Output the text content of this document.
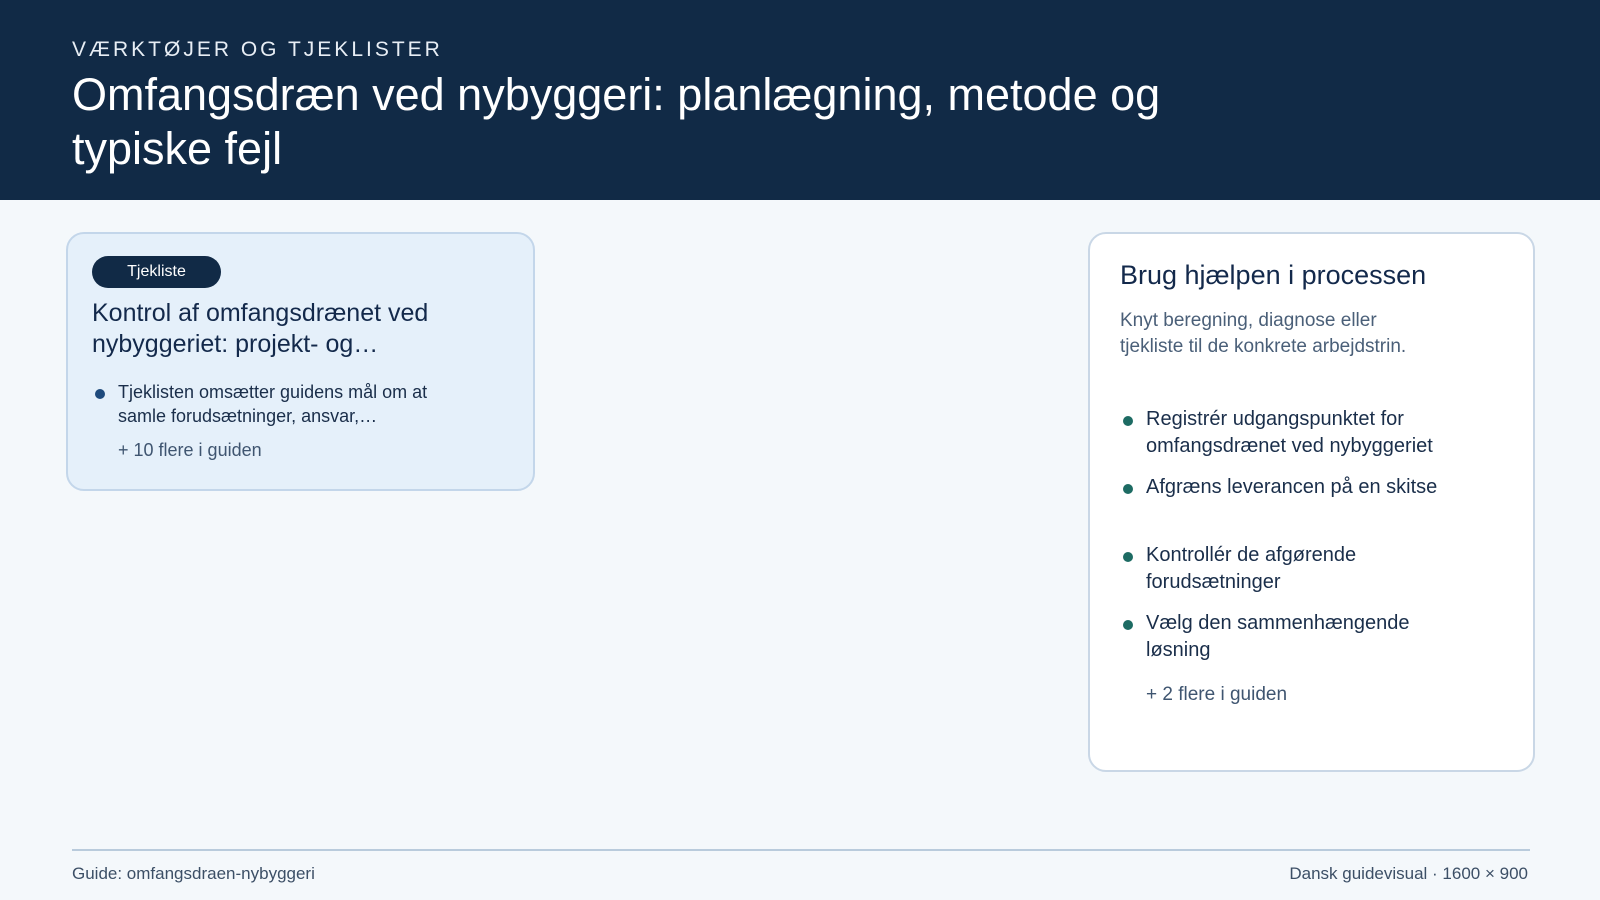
VÆRKTØJER OG TJEKLISTER
Omfangsdræn ved nybyggeri: planlægning, metode og typiske fejl
Tjekliste
Kontrol af omfangsdrænet ved nybyggeriet: projekt- og…
Tjeklisten omsætter guidens mål om at samle forudsætninger, ansvar,…
+ 10 flere i guiden
Brug hjælpen i processen
Knyt beregning, diagnose eller tjekliste til de konkrete arbejdstrin.
Registrér udgangspunktet for omfangsdrænet ved nybyggeriet
Afgræns leverancen på en skitse
Kontrollér de afgørende forudsætninger
Vælg den sammenhængende løsning
+ 2 flere i guiden
Guide: omfangsdraen-nybyggeri	Dansk guidevisual · 1600 × 900
